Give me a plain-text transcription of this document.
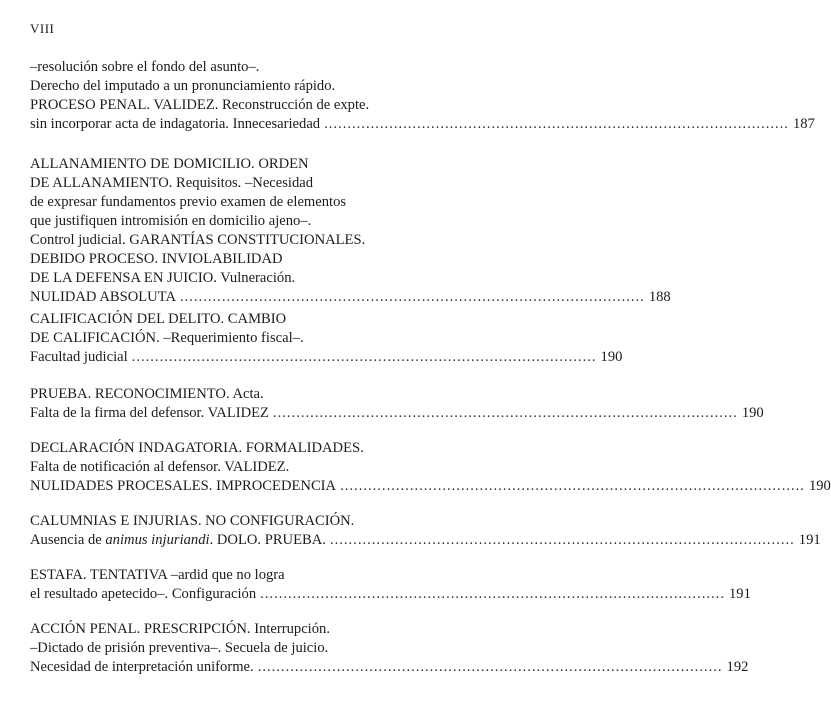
VIII
–resolución sobre el fondo del asunto–.
Derecho del imputado a un pronunciamiento rápido.
PROCESO PENAL. VALIDEZ. Reconstrucción de expte.
sin incorporar acta de indagatoria. Innecesariedad .................................................................................................... 187
ALLANAMIENTO DE DOMICILIO. ORDEN
DE ALLANAMIENTO. Requisitos. –Necesidad
de expresar fundamentos previo examen de elementos
que justifiquen intromisión en domicilio ajeno–.
Control judicial. GARANTÍAS CONSTITUCIONALES.
DEBIDO PROCESO. INVIOLABILIDAD
DE LA DEFENSA EN JUICIO. Vulneración.
NULIDAD ABSOLUTA .................................................................................................... 188
CALIFICACIÓN DEL DELITO. CAMBIO
DE CALIFICACIÓN. –Requerimiento fiscal–.
Facultad judicial .................................................................................................... 190
PRUEBA. RECONOCIMIENTO. Acta.
Falta de la firma del defensor. VALIDEZ .................................................................................................... 190
DECLARACIÓN INDAGATORIA. FORMALIDADES.
Falta de notificación al defensor. VALIDEZ.
NULIDADES PROCESALES. IMPROCEDENCIA .................................................................................................... 190
CALUMNIAS E INJURIAS. NO CONFIGURACIÓN.
Ausencia de animus injuriandi. DOLO. PRUEBA. .................................................................................................... 191
ESTAFA. TENTATIVA –ardid que no logra
el resultado apetecido–. Configuración .................................................................................................... 191
ACCIÓN PENAL. PRESCRIPCIÓN. Interrupción.
–Dictado de prisión preventiva–. Secuela de juicio.
Necesidad de interpretación uniforme. .................................................................................................... 192
